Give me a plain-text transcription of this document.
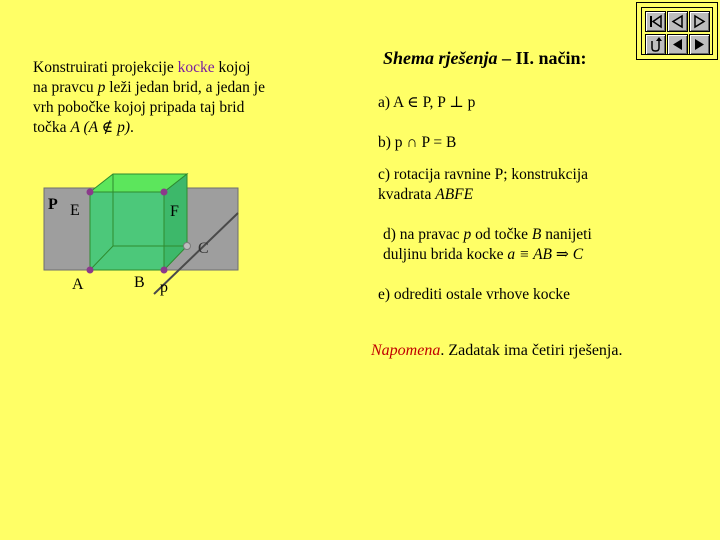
Konstruirati projekcije kocke kojoj
na pravcu p leži jedan brid, a jedan je
vrh pobočke kojoj pripada taj brid
točka A (A ∉ p).
Shema rješenja – II. način:
a) A ∈ P, P ⊥ p
b) p ∩ P = B
c) rotacija ravnine P; konstrukcija
kvadrata ABFE
d) na pravac p od točke B nanijeti
duljinu brida kocke a ≡ AB ⇒ C
e) odrediti ostale vrhove kocke
Napomena. Zadatak ima četiri rješenja.
P E	F
C
A	B p
